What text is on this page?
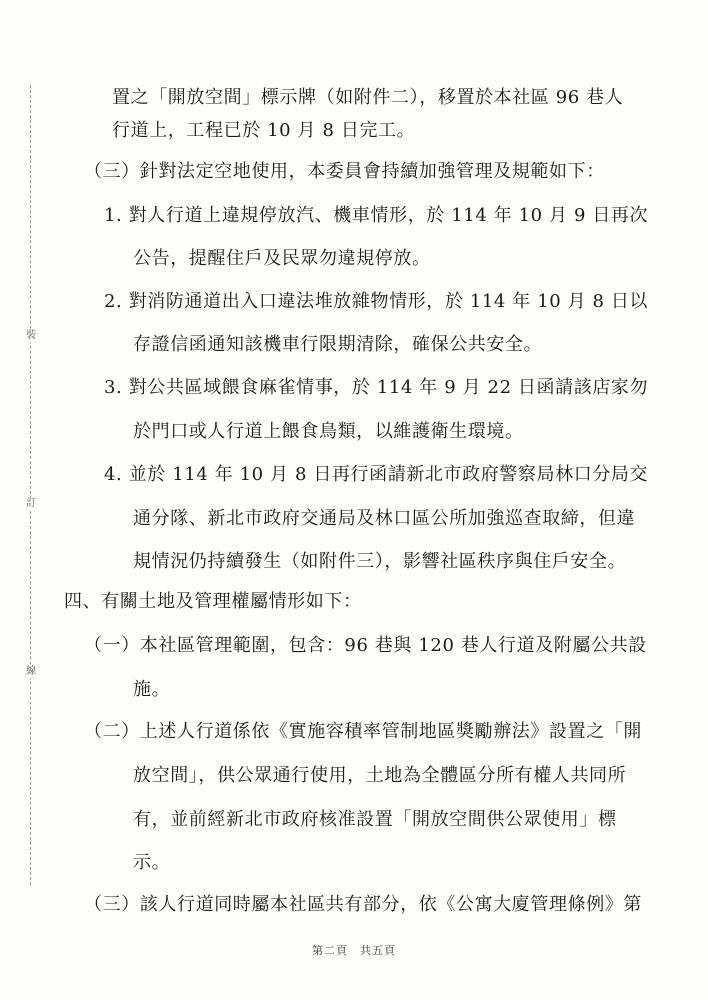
裝
訂
線
置之「開放空間」標示牌（如附件二），移置於本社區 96 巷人
行道上，工程已於 10 月 8 日完工。
（三）針對法定空地使用，本委員會持續加強管理及規範如下：
1. 對人行道上違規停放汽、機車情形，於 114 年 10 月 9 日再次
公告，提醒住戶及民眾勿違規停放。
2. 對消防通道出入口違法堆放雜物情形，於 114 年 10 月 8 日以
存證信函通知該機車行限期清除，確保公共安全。
3. 對公共區域餵食麻雀情事，於 114 年 9 月 22 日函請該店家勿
於門口或人行道上餵食鳥類，以維護衛生環境。
4. 並於 114 年 10 月 8 日再行函請新北市政府警察局林口分局交
通分隊、新北市政府交通局及林口區公所加強巡查取締，但違
規情況仍持續發生（如附件三），影響社區秩序與住戶安全。
四、有關土地及管理權屬情形如下：
（一）本社區管理範圍，包含：96 巷與 120 巷人行道及附屬公共設
施。
（二）上述人行道係依《實施容積率管制地區獎勵辦法》設置之「開
放空間」，供公眾通行使用，土地為全體區分所有權人共同所
有，並前經新北市政府核准設置「開放空間供公眾使用」標
示。
（三）該人行道同時屬本社區共有部分，依《公寓大廈管理條例》第
第二頁　共五頁
